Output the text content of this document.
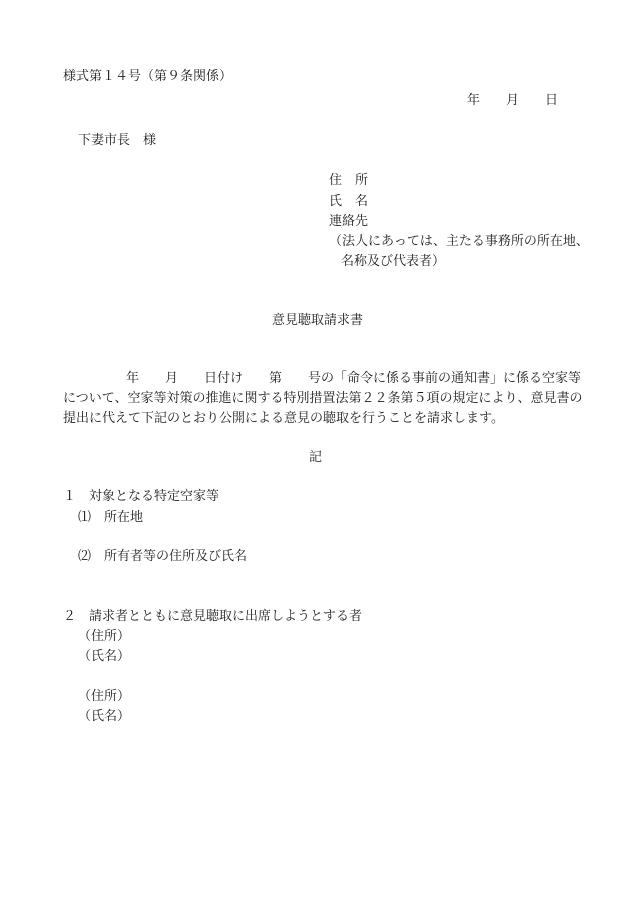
様式第１４号（第９条関係）
年　　月　　日
下妻市長　様
住　所
氏　名
連絡先
（法人にあっては、主たる事務所の所在地、
名称及び代表者）
意見聴取請求書
年　　月　　日付け　　第　　号の「命令に係る事前の通知書」に係る空家等
について、空家等対策の推進に関する特別措置法第２２条第５項の規定により、意見書の
提出に代えて下記のとおり公開による意見の聴取を行うことを請求します。
記
１　対象となる特定空家等
⑴　所在地
⑵　所有者等の住所及び氏名
２　請求者とともに意見聴取に出席しようとする者
（住所）
（氏名）
（住所）
（氏名）
